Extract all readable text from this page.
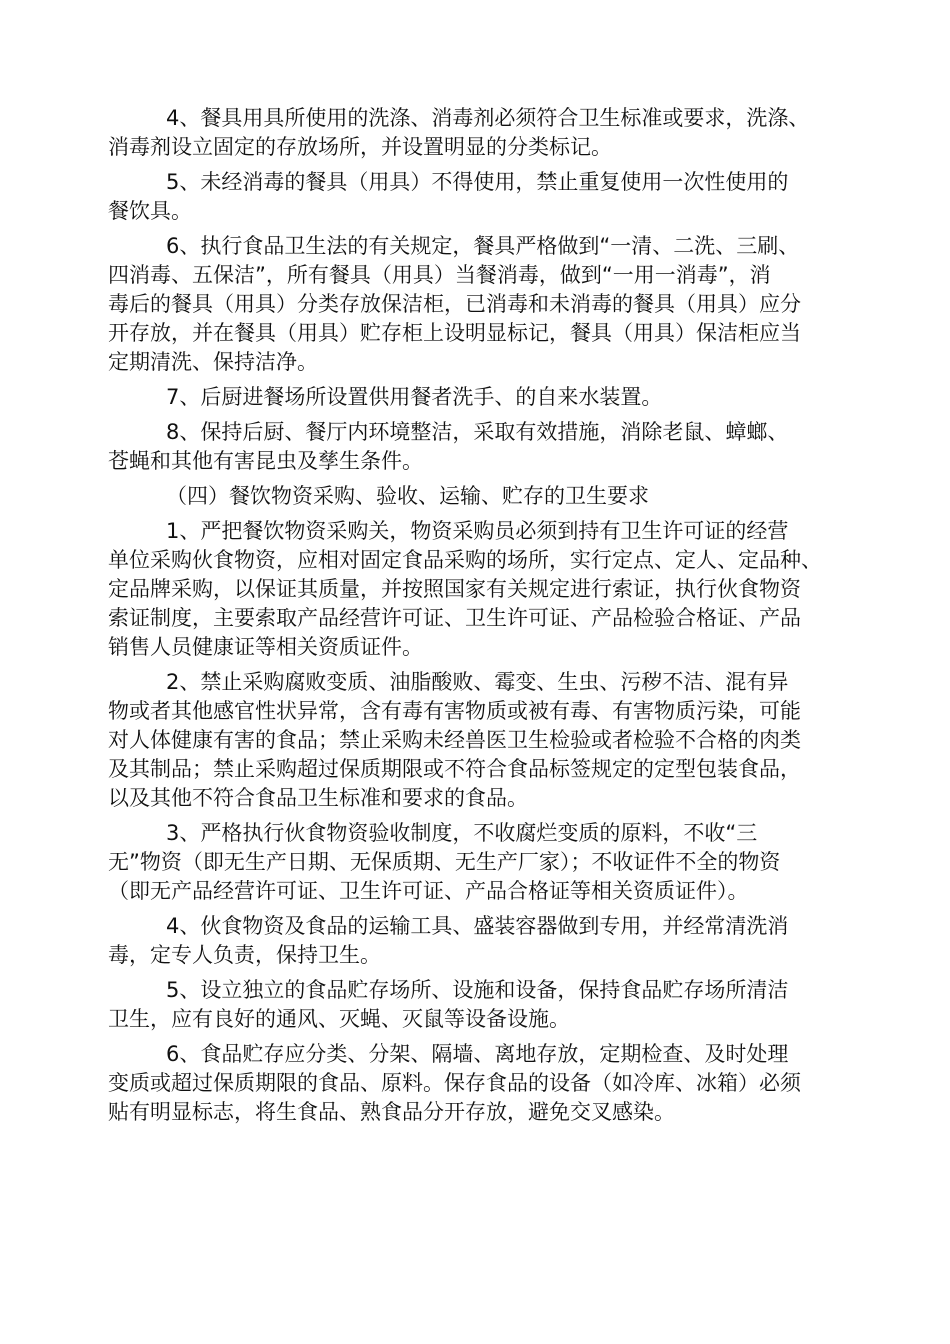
4、餐具用具所使用的洗涤、消毒剂必须符合卫生标准或要求，洗涤、
消毒剂设立固定的存放场所，并设置明显的分类标记。

5、未经消毒的餐具（用具）不得使用，禁止重复使用一次性使用的
餐饮具。

6、执行食品卫生法的有关规定，餐具严格做到“一清、二洗、三刷、
四消毒、五保洁”，所有餐具（用具）当餐消毒，做到“一用一消毒”，消
毒后的餐具（用具）分类存放保洁柜，已消毒和未消毒的餐具（用具）应分
开存放，并在餐具（用具）贮存柜上设明显标记，餐具（用具）保洁柜应当
定期清洗、保持洁净。

7、后厨进餐场所设置供用餐者洗手、的自来水装置。

8、保持后厨、餐厅内环境整洁，采取有效措施，消除老鼠、蟑螂、
苍蝇和其他有害昆虫及孳生条件。

（四）餐饮物资采购、验收、运输、贮存的卫生要求

1、严把餐饮物资采购关，物资采购员必须到持有卫生许可证的经营
单位采购伙食物资，应相对固定食品采购的场所，实行定点、定人、定品种、
定品牌采购，以保证其质量，并按照国家有关规定进行索证，执行伙食物资
索证制度，主要索取产品经营许可证、卫生许可证、产品检验合格证、产品
销售人员健康证等相关资质证件。

2、禁止采购腐败变质、油脂酸败、霉变、生虫、污秽不洁、混有异
物或者其他感官性状异常，含有毒有害物质或被有毒、有害物质污染，可能
对人体健康有害的食品；禁止采购未经兽医卫生检验或者检验不合格的肉类
及其制品；禁止采购超过保质期限或不符合食品标签规定的定型包装食品，
以及其他不符合食品卫生标准和要求的食品。

3、严格执行伙食物资验收制度，不收腐烂变质的原料，不收“三
无”物资（即无生产日期、无保质期、无生产厂家）；不收证件不全的物资
（即无产品经营许可证、卫生许可证、产品合格证等相关资质证件）。

4、伙食物资及食品的运输工具、盛装容器做到专用，并经常清洗消
毒，定专人负责，保持卫生。

5、设立独立的食品贮存场所、设施和设备，保持食品贮存场所清洁
卫生，应有良好的通风、灭蝇、灭鼠等设备设施。

6、食品贮存应分类、分架、隔墙、离地存放，定期检查、及时处理
变质或超过保质期限的食品、原料。保存食品的设备（如冷库、冰箱）必须
贴有明显标志，将生食品、熟食品分开存放，避免交叉感染。
